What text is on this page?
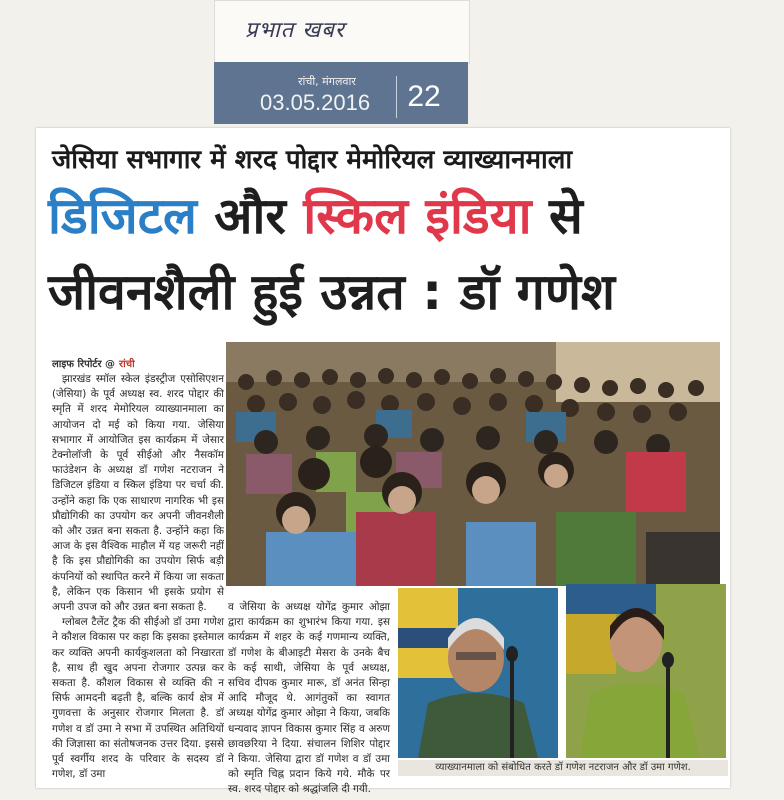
प्रभात खबर
रांची, मंगलवार
03.05.2016	22
जेसिया सभागार में शरद पोद्दार मेमोरियल व्याख्यानमाला
डिजिटल और स्किल इंडिया से
जीवनशैली हुई उन्नत : डॉ गणेश
लाइफ रिपोर्टर @ रांची

झारखंड स्मॉल स्केल इंडस्ट्रीज एसोसिएशन (जेसिया) के पूर्व अध्यक्ष स्व. शरद पोद्दार की स्मृति में शरद मेमोरियल व्याख्यानमाला का आयोजन दो मई को किया गया. जेसिया सभागार में आयोजित इस कार्यक्रम में जेसार टेक्नोलॉजी के पूर्व सीईओ और नैसकॉम फाउंडेशन के अध्यक्ष डॉ गणेश नटराजन ने डिजिटल इंडिया व स्किल इंडिया पर चर्चा की. उन्होंने कहा कि एक साधारण नागरिक भी इस प्रौद्योगिकी का उपयोग कर अपनी जीवनशैली को और उन्नत बना सकता है. उन्होंने कहा कि आज के इस वैश्विक माहौल में यह जरूरी नहीं है कि इस प्रौद्योगिकी का उपयोग सिर्फ बड़ी कंपनियों को स्थापित करने में किया जा सकता है, लेकिन एक किसान भी इसके प्रयोग से अपनी उपज को और उन्नत बना सकता है.

ग्लोबल टैलेंट ट्रैक की सीईओ डॉ उमा गणेश ने कौशल विकास पर कहा कि इसका इस्तेमाल कर व्यक्ति अपनी कार्यकुशलता को निखारता है, साथ ही खुद अपना रोजगार उत्पन्न कर सकता है. कौशल विकास से व्यक्ति की न सिर्फ आमदनी बढ़ती है, बल्कि कार्य क्षेत्र में गुणवत्ता के अनुसार रोजगार मिलता है. डॉ गणेश व डॉ उमा ने सभा में उपस्थित अतिथियों की जिज्ञासा का संतोषजनक उत्तर दिया. इससे पूर्व स्वर्गीय शरद के परिवार के सदस्य डॉ गणेश, डॉ उमा

व जेसिया के अध्यक्ष योगेंद्र कुमार ओझा द्वारा कार्यक्रम का शुभारंभ किया गया. इस कार्यक्रम में शहर के कई गणमान्य व्यक्ति, डॉ गणेश के बीआइटी मेसरा के उनके बैच के कई साथी, जेसिया के पूर्व अध्यक्ष, सचिव दीपक कुमार मारू, डॉ अनंत सिन्हा आदि मौजूद थे. आगंतुकों का स्वागत अध्यक्ष योगेंद्र कुमार ओझा ने किया, जबकि धन्यवाद ज्ञापन विकास कुमार सिंह व अरुण छावछरिया ने दिया. संचालन शिशिर पोद्दार ने किया. जेसिया द्वारा डॉ गणेश व डॉ उमा को स्मृति चिह्न प्रदान किये गये. मौके पर स्व. शरद पोद्दार को श्रद्धांजलि दी गयी.

व्याख्यानमाला को संबोधित करते डॉ गणेश नटराजन और डॉ उमा गणेश.
